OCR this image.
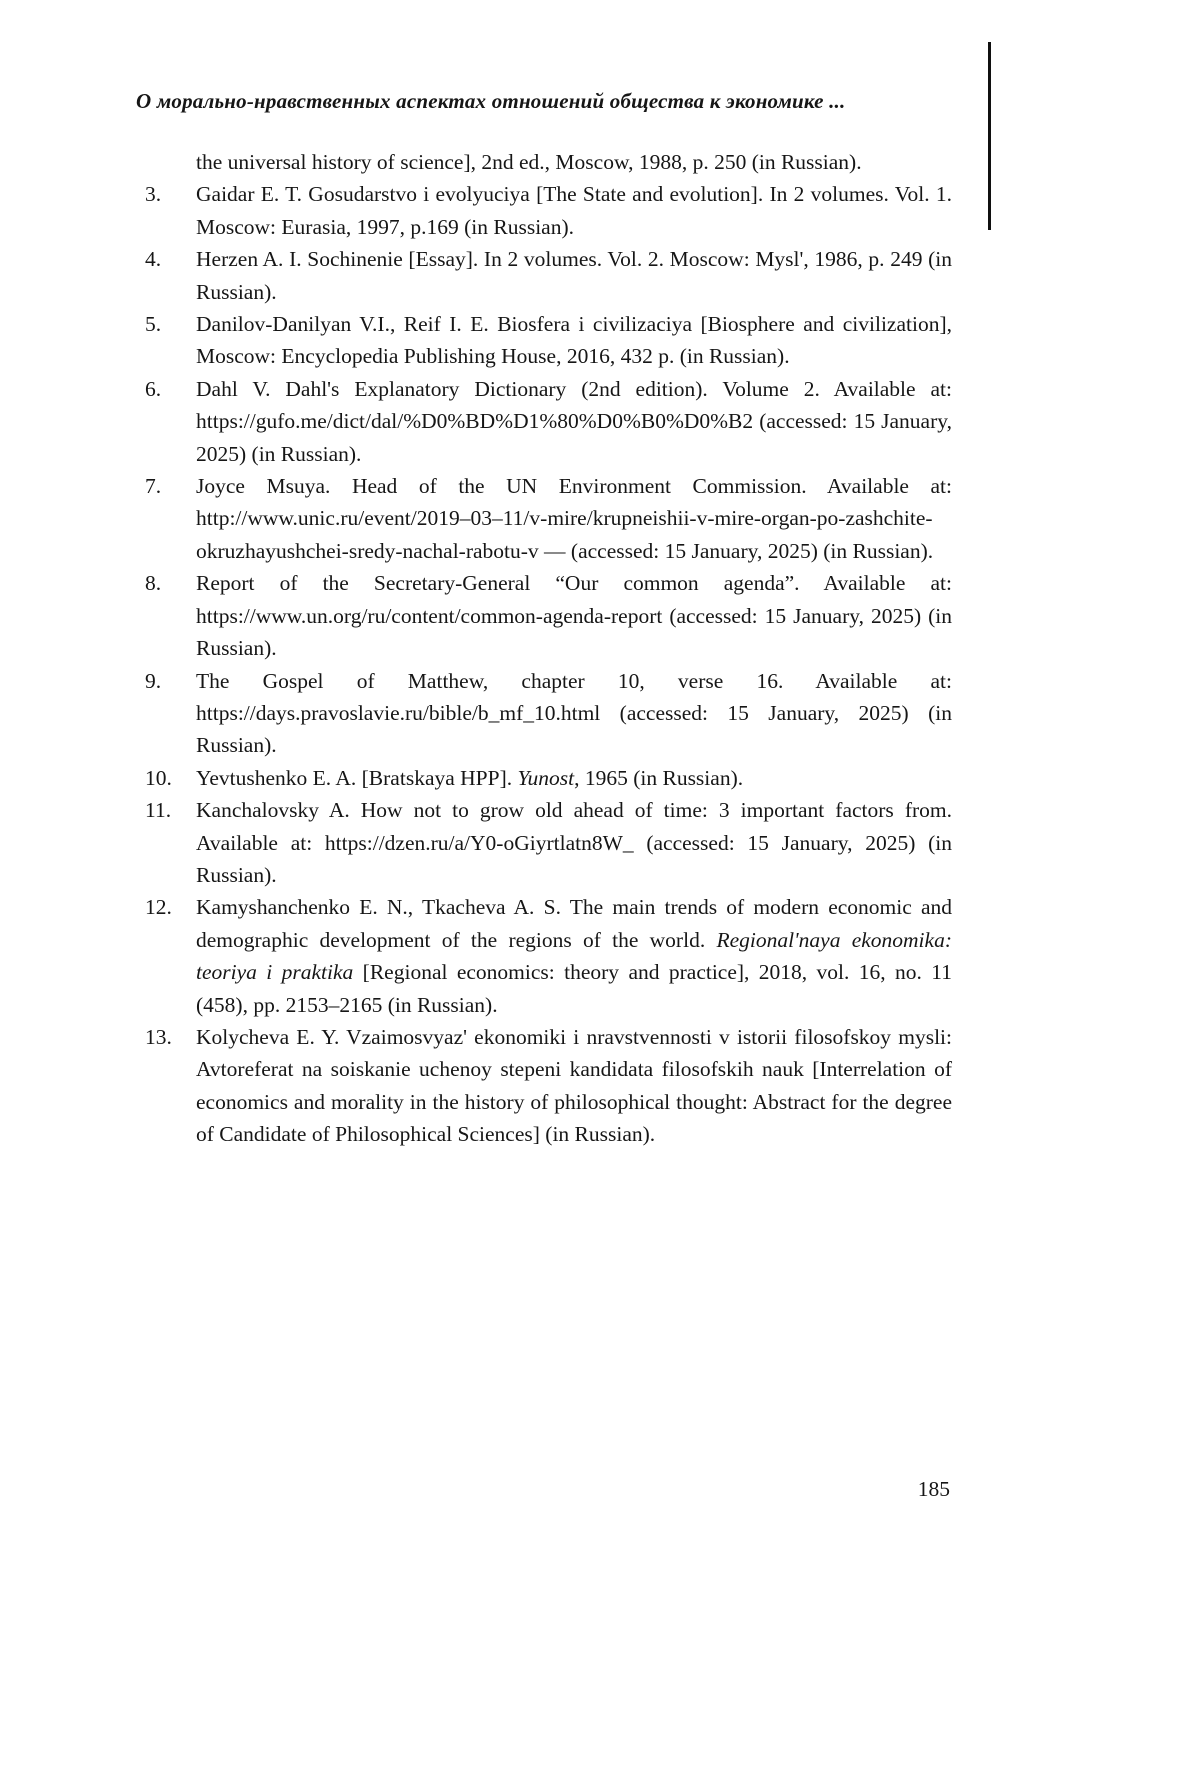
О морально-нравственных аспектах отношений общества к экономике ...
the universal history of science], 2nd ed., Moscow, 1988, p. 250 (in Russian).
3.	Gaidar E. T. Gosudarstvo i evolyuciya [The State and evolution]. In 2 volumes. Vol. 1. Moscow: Eurasia, 1997, p.169 (in Russian).
4.	Herzen A. I. Sochinenie [Essay]. In 2 volumes. Vol. 2. Moscow: Mysl', 1986, p. 249 (in Russian).
5.	Danilov-Danilyan V.I., Reif I. E. Biosfera i civilizaciya [Biosphere and civilization], Moscow: Encyclopedia Publishing House, 2016, 432 p. (in Russian).
6.	Dahl V. Dahl's Explanatory Dictionary (2nd edition). Volume 2. Available at: https://gufo.me/dict/dal/%D0%BD%D1%80%D0%B0%D0%B2 (accessed: 15 January, 2025) (in Russian).
7.	Joyce Msuya. Head of the UN Environment Commission. Available at: http://www.unic.ru/event/2019–03–11/v-mire/krupneishii-v-mire-organ-po-zashchite-okruzhayushchei-sredy-nachal-rabotu-v — (accessed: 15 January, 2025) (in Russian).
8.	Report of the Secretary-General “Our common agenda”. Available at: https://www.un.org/ru/content/common-agenda-report (accessed: 15 January, 2025) (in Russian).
9.	The Gospel of Matthew, chapter 10, verse 16. Available at: https://days.pravoslavie.ru/bible/b_mf_10.html (accessed: 15 January, 2025) (in Russian).
10.	Yevtushenko E. A. [Bratskaya HPP]. Yunost, 1965 (in Russian).
11.	Kanchalovsky A. How not to grow old ahead of time: 3 important factors from. Available at: https://dzen.ru/a/Y0-oGiyrtlatn8W_ (accessed: 15 January, 2025) (in Russian).
12.	Kamyshanchenko E. N., Tkacheva A. S. The main trends of modern economic and demographic development of the regions of the world. Regional'naya ekonomika: teoriya i praktika [Regional economics: theory and practice], 2018, vol. 16, no. 11 (458), pp. 2153–2165 (in Russian).
13.	Kolycheva E. Y. Vzaimosvyaz' ekonomiki i nravstvennosti v istorii filosofskoy mysli: Avtoreferat na soiskanie uchenoy stepeni kandidata filosofskih nauk [Interrelation of economics and morality in the history of philosophical thought: Abstract for the degree of Candidate of Philosophical Sciences] (in Russian).
185
